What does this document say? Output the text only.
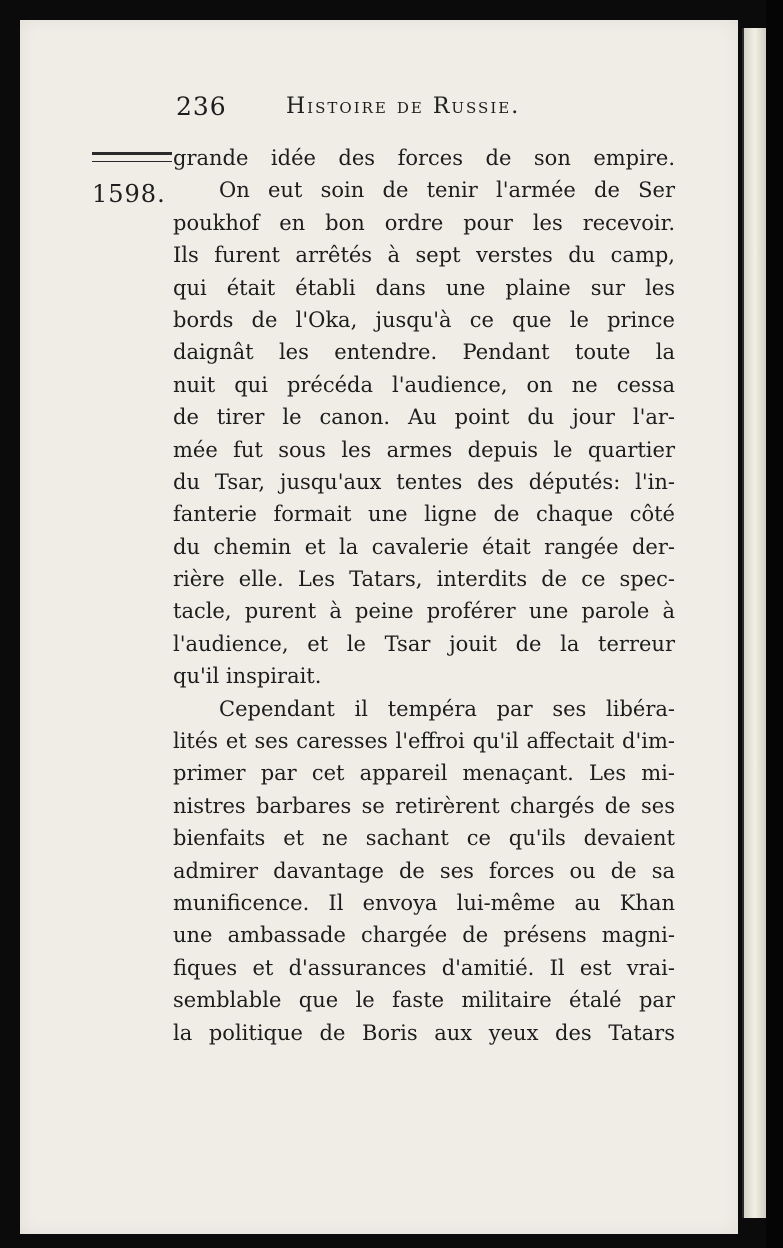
236	Histoire de Russie.
1598.
grande idée des forces de son empire.
On eut soin de tenir l'armée de Ser
poukhof en bon ordre pour les recevoir.
Ils furent arrêtés à sept verstes du camp,
qui était établi dans une plaine sur les
bords de l'Oka, jusqu'à ce que le prince
daignât les entendre. Pendant toute la
nuit qui précéda l'audience, on ne cessa
de tirer le canon. Au point du jour l'ar-
mée fut sous les armes depuis le quartier
du Tsar, jusqu'aux tentes des députés: l'in-
fanterie formait une ligne de chaque côté
du chemin et la cavalerie était rangée der-
rière elle. Les Tatars, interdits de ce spec-
tacle, purent à peine proférer une parole à
l'audience, et le Tsar jouit de la terreur
qu'il inspirait.
Cependant il tempéra par ses libéra-
lités et ses caresses l'effroi qu'il affectait d'im-
primer par cet appareil menaçant. Les mi-
nistres barbares se retirèrent chargés de ses
bienfaits et ne sachant ce qu'ils devaient
admirer davantage de ses forces ou de sa
munificence. Il envoya lui-même au Khan
une ambassade chargée de présens magni-
fiques et d'assurances d'amitié. Il est vrai-
semblable que le faste militaire étalé par
la politique de Boris aux yeux des Tatars
